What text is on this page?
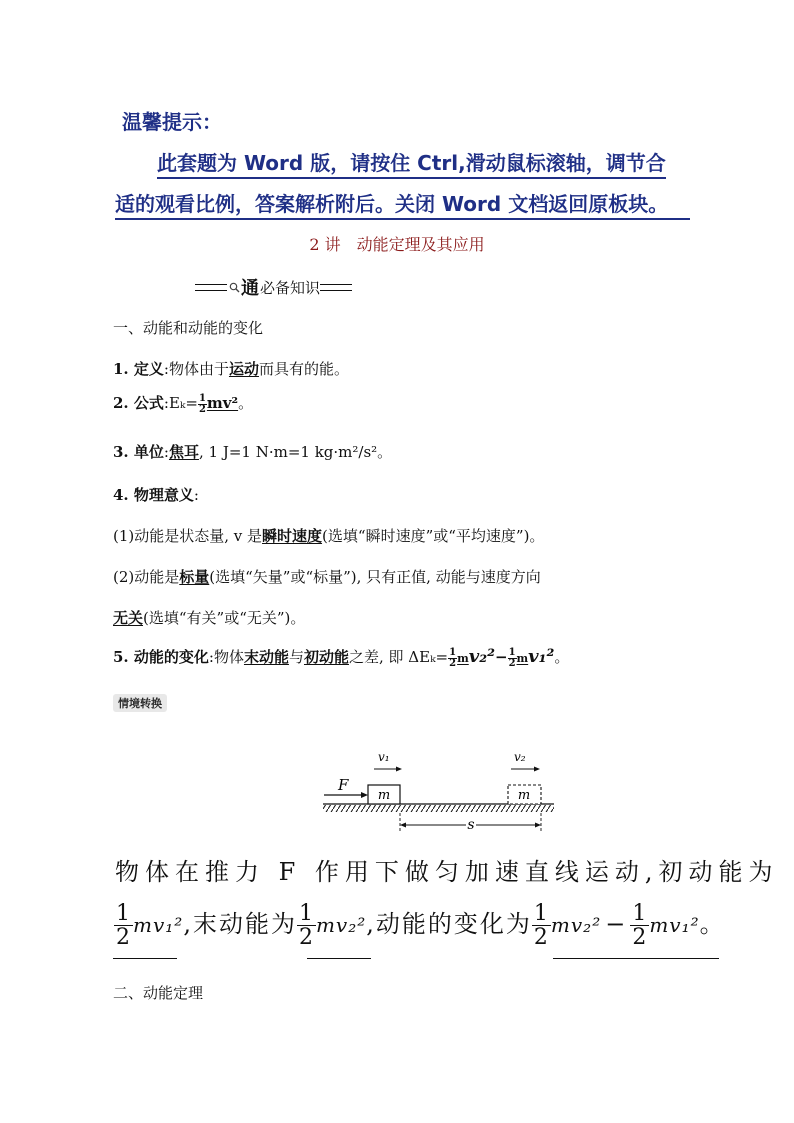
温馨提示：
此套题为 Word 版，请按住 Ctrl,滑动鼠标滚轴，调节合
适的观看比例，答案解析附后。关闭 Word 文档返回原板块。
2 讲 动能定理及其应用
通 必备知识
一、动能和动能的变化
1. 定义:物体由于运动而具有的能。
2. 公式:Eₖ= $\frac{1}{2} mv^2$。
3. 单位:焦耳, 1 J=1 N·m=1 kg·m²/s²。
4. 物理意义:
(1)动能是状态量, v 是瞬时速度(选填“瞬时速度”或“平均速度”)。
(2)动能是标量(选填“矢量”或“标量”), 只有正值, 动能与速度方向
无关(选填“有关”或“无关”)。
5. 动能的变化:物体末动能与初动能之差, 即 $\Delta E_k= \frac{1}{2} mv_2^2- \frac{1}{2} mv_1^2$。
情境转换
m	m
F
v₁	v₂
s
物体在推力 F 作用下做匀加速直线运动,初动能为
$\frac{1}{2} mv_1^2$,末动能为 $\frac{1}{2} mv_2^2$,动能的变化为 $\frac{1}{2} mv_2^2 - \frac{1}{2} mv_1^2$。
二、动能定理
